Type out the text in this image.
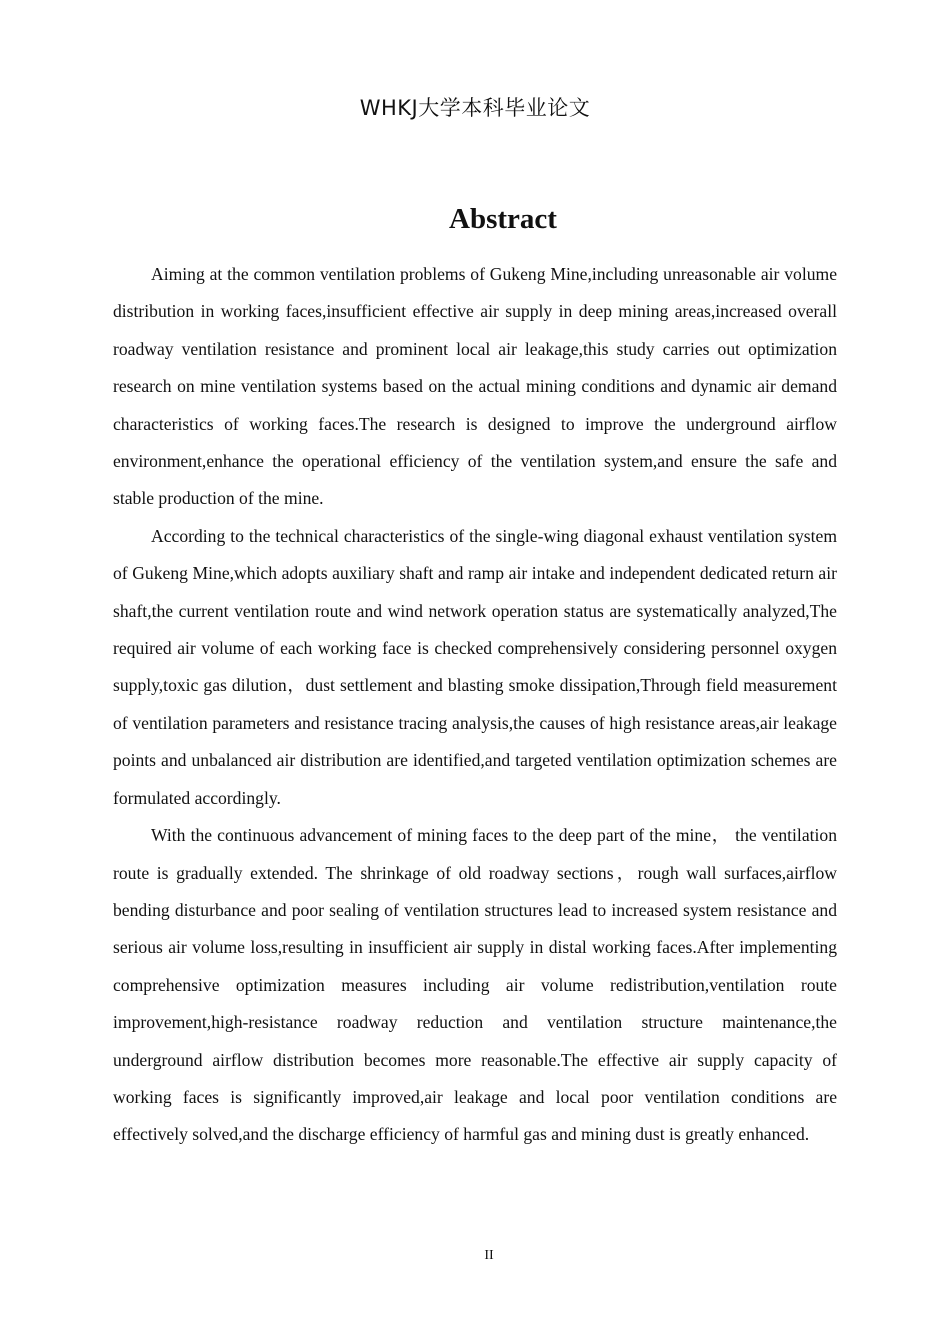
WHKJ大学本科毕业论文
Abstract

Aiming at the common ventilation problems of Gukeng Mine,including unreasonable air volume distribution in working faces,insufficient effective air supply in deep mining areas,increased overall roadway ventilation resistance and prominent local air leakage,this study carries out optimization research on mine ventilation systems based on the actual mining conditions and dynamic air demand characteristics of working faces.The research is designed to improve the underground airflow environment,enhance the operational efficiency of the ventilation system,and ensure the safe and stable production of the mine.

According to the technical characteristics of the single-wing diagonal exhaust ventilation system of Gukeng Mine,which adopts auxiliary shaft and ramp air intake and independent dedicated return air shaft,the current ventilation route and wind network operation status are systematically analyzed,The required air volume of each working face is checked comprehensively considering personnel oxygen supply,toxic gas dilution，dust settlement and blasting smoke dissipation,Through field measurement of ventilation parameters and resistance tracing analysis,the causes of high resistance areas,air leakage points and unbalanced air distribution are identified,and targeted ventilation optimization schemes are formulated accordingly.

With the continuous advancement of mining faces to the deep part of the mine， the ventilation route is gradually extended. The shrinkage of old roadway sections，rough wall surfaces,airflow bending disturbance and poor sealing of ventilation structures lead to increased system resistance and serious air volume loss,resulting in insufficient air supply in distal working faces.After implementing comprehensive optimization measures including air volume redistribution,ventilation route improvement,high-resistance roadway reduction and ventilation structure maintenance,the underground airflow distribution becomes more reasonable.The effective air supply capacity of working faces is significantly improved,air leakage and local poor ventilation conditions are effectively solved,and the discharge efficiency of harmful gas and mining dust is greatly enhanced.

II
